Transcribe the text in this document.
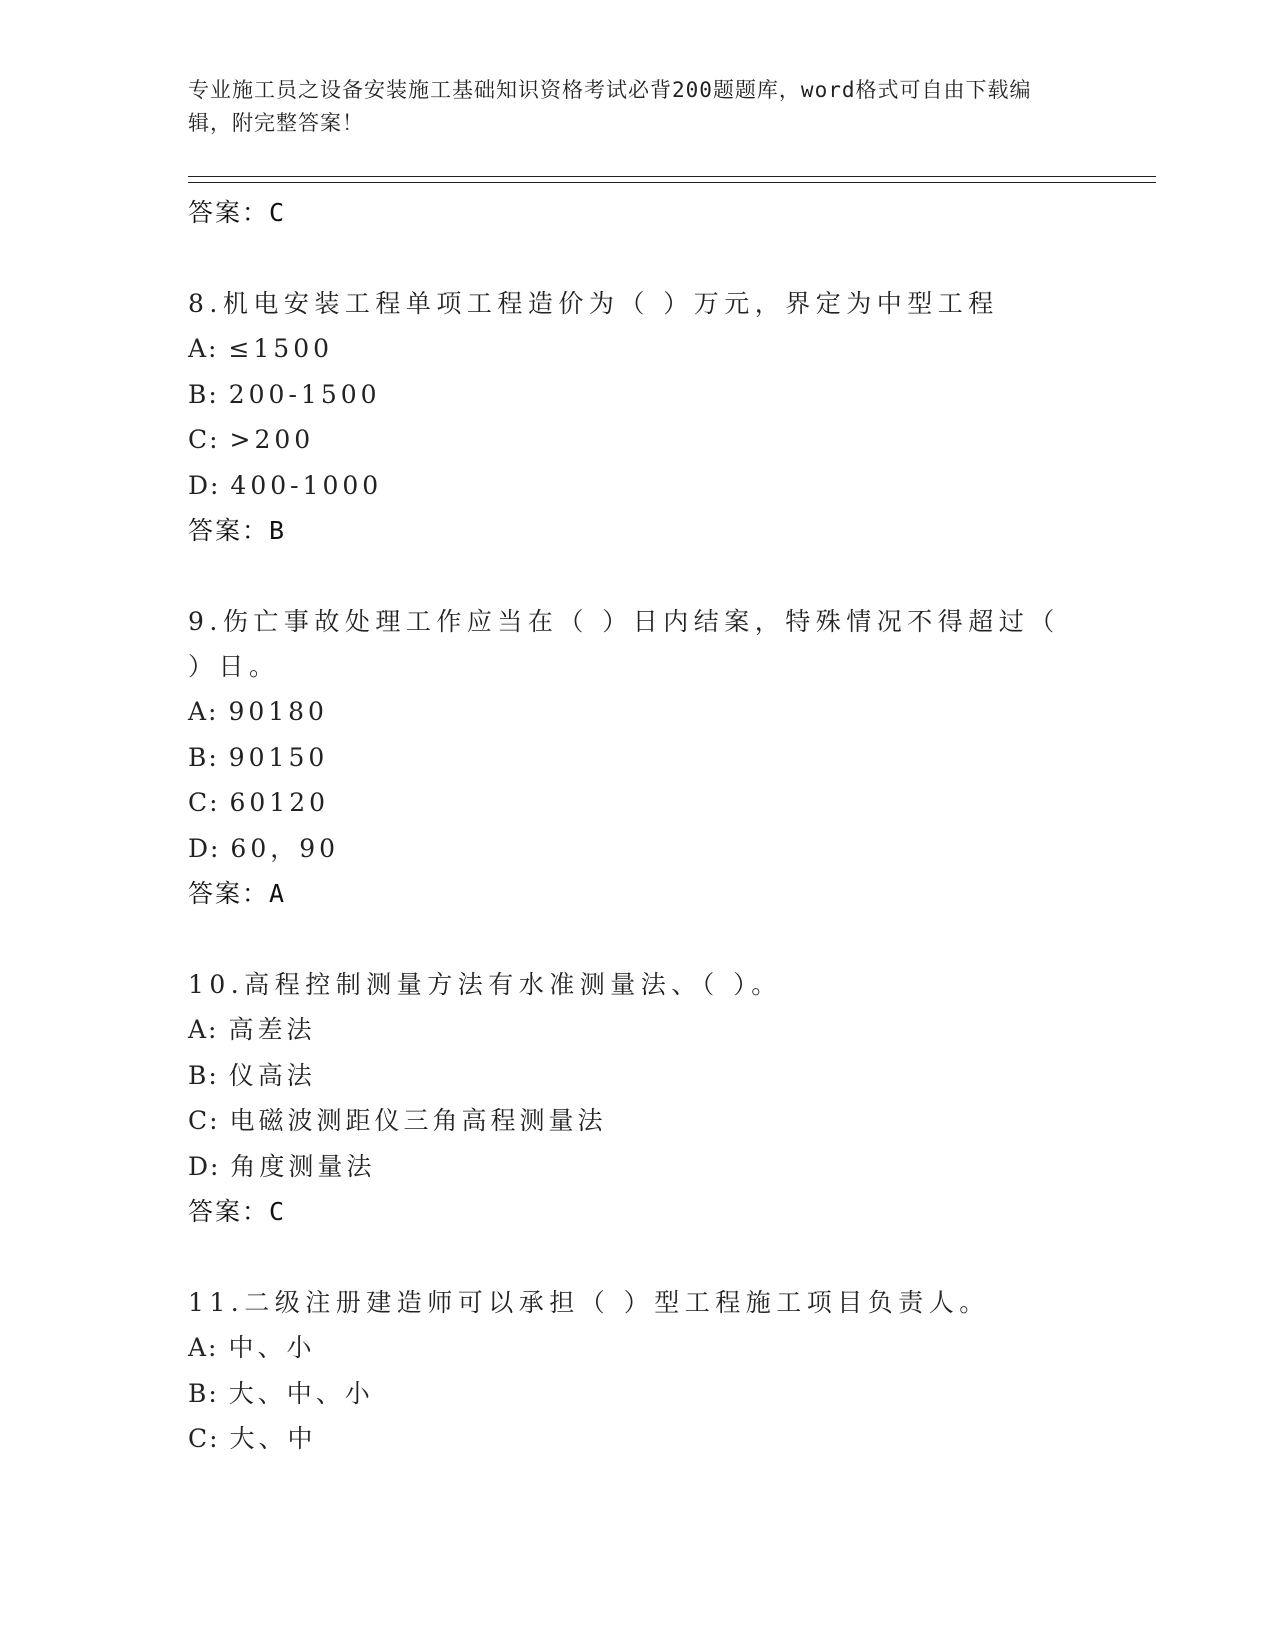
专业施工员之设备安装施工基础知识资格考试必背200题题库，word格式可自由下载编辑，附完整答案！
答案：C
8.机电安装工程单项工程造价为（ ）万元，界定为中型工程
A: ≤1500
B: 200-1500
C: >200
D: 400-1000
答案：B
9.伤亡事故处理工作应当在（ ）日内结案，特殊情况不得超过（ ）日。
A: 90180
B: 90150
C: 60120
D: 60，90
答案：A
10.高程控制测量方法有水准测量法、（ ）。
A: 高差法
B: 仪高法
C: 电磁波测距仪三角高程测量法
D: 角度测量法
答案：C
11.二级注册建造师可以承担（ ）型工程施工项目负责人。
A: 中、小
B: 大、中、小
C: 大、中
